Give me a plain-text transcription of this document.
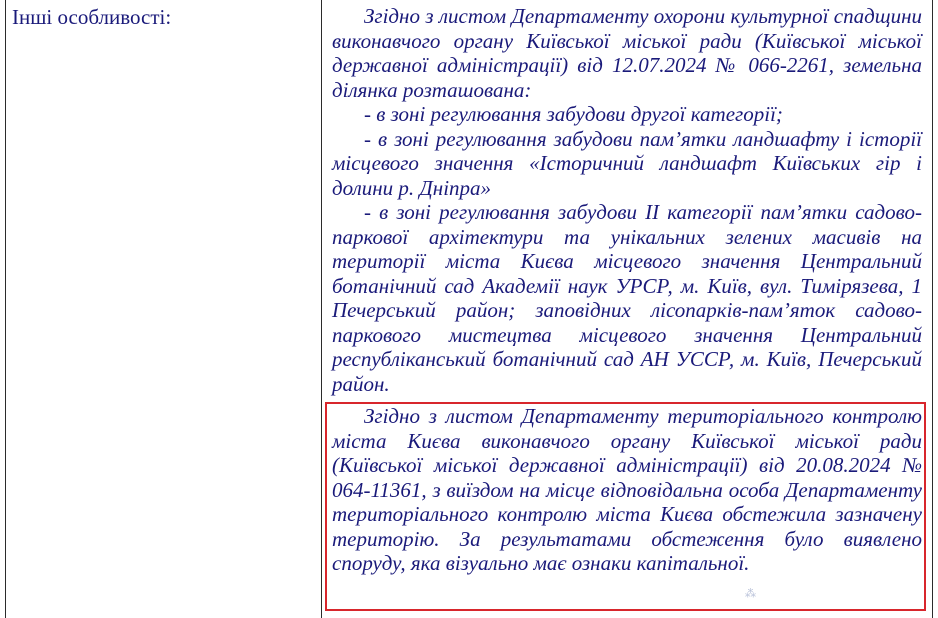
Інші особливості:	Згідно з листом Департаменту охорони культурної спадщини виконавчого органу Київської міської ради (Київської міської державної адміністрації) від 12.07.2024 № 066-2261, земельна ділянка розташована:

- в зоні регулювання забудови другої категорії;

- в зоні регулювання забудови пам’ятки ландшафту і історії місцевого значення «Історичний ландшафт Київських гір і долини р. Дніпра»

- в зоні регулювання забудови II категорії пам’ятки садово-паркової архітектури та унікальних зелених масивів на території міста Києва місцевого значення Центральний ботанічний сад Академії наук УРСР, м. Київ, вул. Тимірязева, 1 Печерський район; заповідних лісопарків-пам’яток садово-паркового мистецтва місцевого значення Центральний республіканський ботанічний сад АН УССР, м. Київ, Печерський район.

Згідно з листом Департаменту територіального контролю міста Києва виконавчого органу Київської міської ради (Київської міської державної адміністрації) від 20.08.2024 № 064-11361, з виїздом на місце відповідальна особа Департаменту територіального контролю міста Києва обстежила зазначену територію. За результатами обстеження було виявлено споруду, яка візуально має ознаки капітальної.

⁂
